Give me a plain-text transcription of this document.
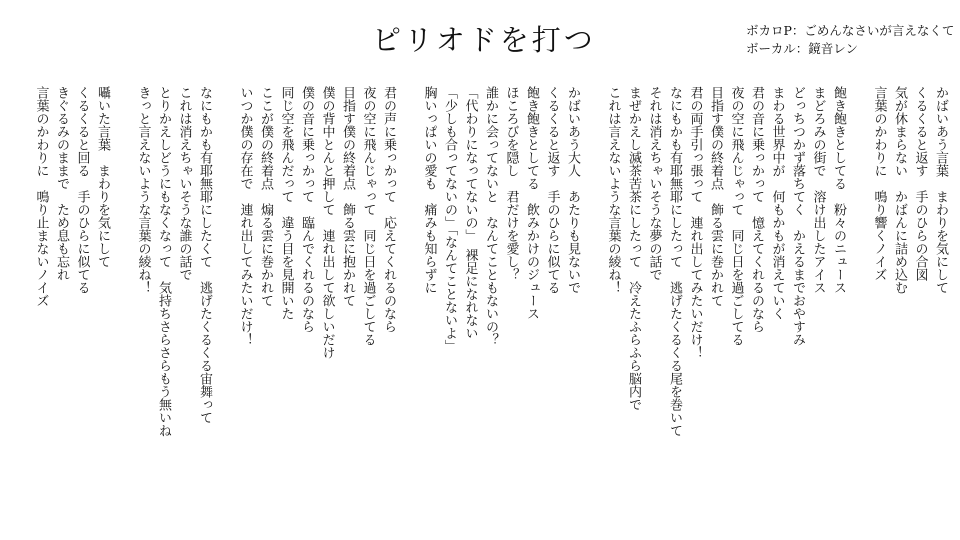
ピリオドを打つ	ボカロP：ごめんなさいが言えなくて
ボーカル：鏡音レン
かばいあう言葉　まわりを気にして
くるくると返す　手のひらの合図
気が休まらない　かばんに詰め込む
言葉のかわりに　鳴り響くノイズ
飽き飽きとしてる　粉々のニュース
まどろみの街で　溶け出したアイス
どっちつかず落ちてく　かえるまでおやすみ
まわる世界中が　何もかもが消えていく
君の音に乗っかって　憶えてくれるのなら
夜の空に飛んじゃって　同じ日を過ごしてる
目指す僕の終着点　飾る雲に巻かれて
君の両手引っ張って　連れ出してみたいだけ！
なにもかも有耶無耶にしたって　逃げたくるくる尾を巻いて
それは消えちゃいそうな夢の話で
まぜかえし滅茶苦茶にしたって　冷えたふらふら脳内で
これは言えないような言葉の綾ね！
かばいあう大人　あたりも見ないで
くるくると返す　手のひらに似てる
飽き飽きとしてる　飲みかけのジュース
ほころびを隠し　君だけを愛し？
誰かに会ってないと　なんてこともないの？
「代わりになってないの」　裸足になれない
「少しも合ってないの」「なんてことないよ」
胸いっぱいの愛も　痛みも知らずに
君の声に乗っかって　応えてくれるのなら
夜の空に飛んじゃって　同じ日を過ごしてる
目指す僕の終着点　飾る雲に抱かれて
僕の背中とんと押して　連れ出して欲しいだけ
僕の音に乗っかって　臨んでくれるのなら
同じ空を飛んだって　違う目を見開いた
ここが僕の終着点　煽る雲に巻かれて
いつか僕の存在で　連れ出してみたいだけ！
なにもかも有耶無耶にしたくて　逃げたくるくる宙舞って
これは消えちゃいそうな誰の話で
とりかえしどうにもなくなって　気持ちさらさらもう無いね
きっと言えないような言葉の綾ね！
囁いた言葉　まわりを気にして
くるくると回る　手のひらに似てる
きぐるみのままで　ため息も忘れ
言葉のかわりに　鳴り止まないノイズ
